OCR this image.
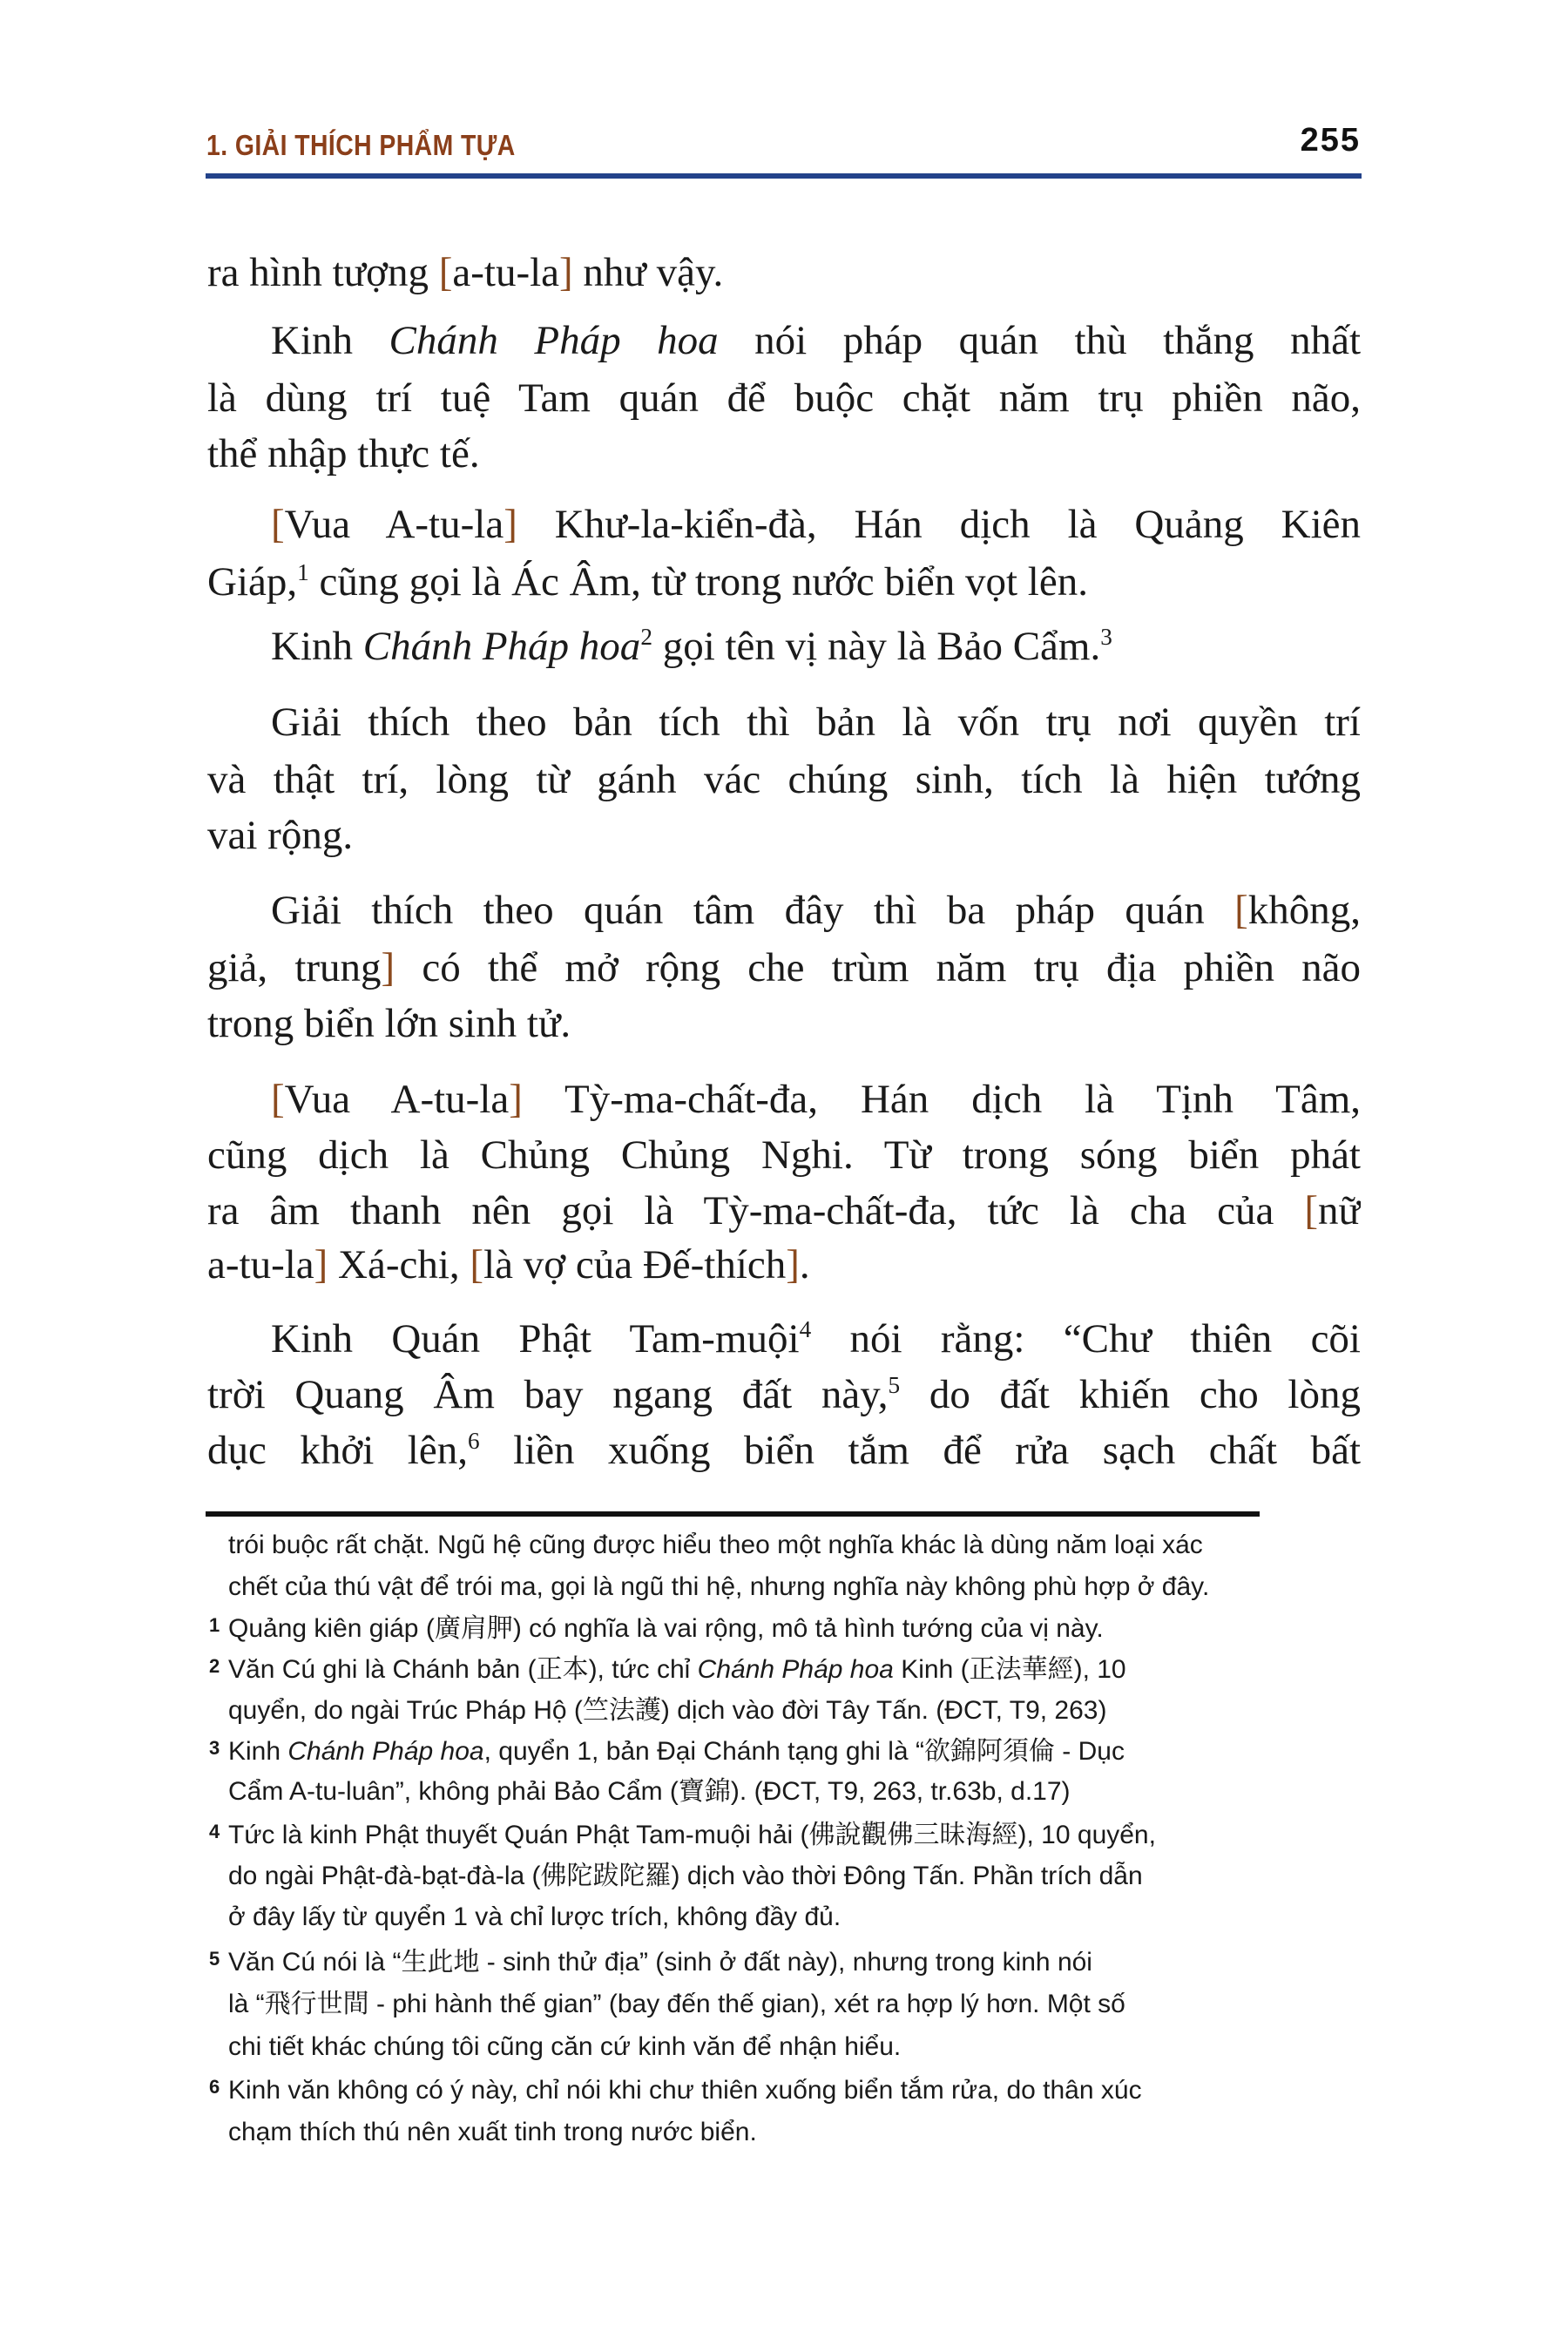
1. GIẢI THÍCH PHẨM TỰA	255
ra hình tượng [a-tu-la] như vậy.
Kinh Chánh Pháp hoa nói pháp quán thù thắng nhất
là dùng trí tuệ Tam quán để buộc chặt năm trụ phiền não,
thể nhập thực tế.
[Vua A-tu-la] Khư-la-kiển-đà, Hán dịch là Quảng Kiên
Giáp,$^1$ cũng gọi là Ác Âm, từ trong nước biển vọt lên.
Kinh Chánh Pháp hoa$^2$ gọi tên vị này là Bảo Cẩm.$^3$
Giải thích theo bản tích thì bản là vốn trụ nơi quyền trí
và thật trí, lòng từ gánh vác chúng sinh, tích là hiện tướng
vai rộng.
Giải thích theo quán tâm đây thì ba pháp quán [không,
giả, trung] có thể mở rộng che trùm năm trụ địa phiền não
trong biển lớn sinh tử.
[Vua A-tu-la] Tỳ-ma-chất-đa, Hán dịch là Tịnh Tâm,
cũng dịch là Chủng Chủng Nghi. Từ trong sóng biển phát
ra âm thanh nên gọi là Tỳ-ma-chất-đa, tức là cha của [nữ
a-tu-la] Xá-chi, [là vợ của Đế-thích].
Kinh Quán Phật Tam-muội$^4$ nói rằng: “Chư thiên cõi
trời Quang Âm bay ngang đất này,$^5$ do đất khiến cho lòng
dục khởi lên,$^6$ liền xuống biển tắm để rửa sạch chất bất
trói buộc rất chặt. Ngũ hệ cũng được hiểu theo một nghĩa khác là dùng năm loại xác
chết của thú vật để trói ma, gọi là ngũ thi hệ, nhưng nghĩa này không phù hợp ở đây.
1 Quảng kiên giáp (廣肩胛) có nghĩa là vai rộng, mô tả hình tướng của vị này.
2 Văn Cú ghi là Chánh bản (正本), tức chỉ Chánh Pháp hoa Kinh (正法華經), 10
quyển, do ngài Trúc Pháp Hộ (竺法護) dịch vào đời Tây Tấn. (ĐCT, T9, 263)
3 Kinh Chánh Pháp hoa, quyển 1, bản Đại Chánh tạng ghi là “欲錦阿須倫 - Dục
Cẩm A-tu-luân”, không phải Bảo Cẩm (寶錦). (ĐCT, T9, 263, tr.63b, d.17)
4 Tức là kinh Phật thuyết Quán Phật Tam-muội hải (佛說觀佛三昧海經), 10 quyển,
do ngài Phật-đà-bạt-đà-la (佛陀跋陀羅) dịch vào thời Đông Tấn. Phần trích dẫn
ở đây lấy từ quyển 1 và chỉ lược trích, không đầy đủ.
5 Văn Cú nói là “生此地 - sinh thử địa” (sinh ở đất này), nhưng trong kinh nói
là “飛行世間 - phi hành thế gian” (bay đến thế gian), xét ra hợp lý hơn. Một số
chi tiết khác chúng tôi cũng căn cứ kinh văn để nhận hiểu.
6 Kinh văn không có ý này, chỉ nói khi chư thiên xuống biển tắm rửa, do thân xúc
chạm thích thú nên xuất tinh trong nước biển.
